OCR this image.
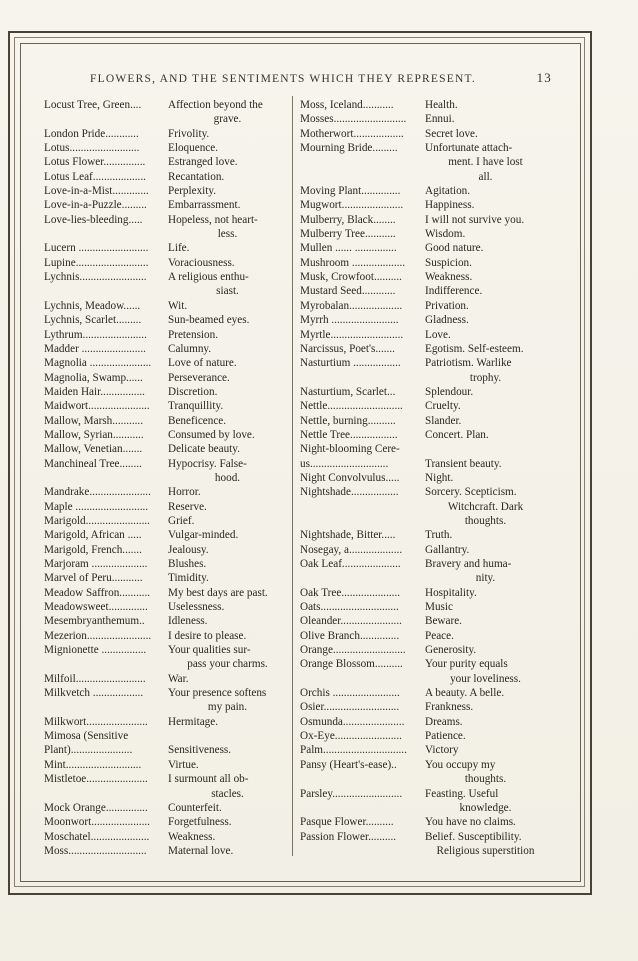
FLOWERS, AND THE SENTIMENTS WHICH THEY REPRESENT.	13
Locust Tree, Green....	Affection beyond the
grave.
London Pride............	Frivolity.
Lotus.........................	Eloquence.
Lotus Flower...............	Estranged love.
Lotus Leaf...................	Recantation.
Love-in-a-Mist.............	Perplexity.
Love-in-a-Puzzle.........	Embarrassment.
Love-lies-bleeding.....	Hopeless, not heart-
less.
Lucern .........................	Life.
Lupine..........................	Voraciousness.
Lychnis........................	A religious enthu-
siast.
Lychnis, Meadow......	Wit.
Lychnis, Scarlet.........	Sun-beamed eyes.
Lythrum.......................	Pretension.
Madder .......................	Calumny.
Magnolia ......................	Love of nature.
Magnolia, Swamp......	Perseverance.
Maiden Hair................	Discretion.
Maidwort......................	Tranquillity.
Mallow, Marsh...........	Beneficence.
Mallow, Syrian...........	Consumed by love.
Mallow, Venetian.......	Delicate beauty.
Manchineal Tree........	Hypocrisy. False-
hood.
Mandrake......................	Horror.
Maple ..........................	Reserve.
Marigold.......................	Grief.
Marigold, African .....	Vulgar-minded.
Marigold, French.......	Jealousy.
Marjoram ....................	Blushes.
Marvel of Peru...........	Timidity.
Meadow Saffron...........	My best days are past.
Meadowsweet..............	Uselessness.
Mesembryanthemum..	Idleness.
Mezerion.......................	I desire to please.
Mignionette ................	Your qualities sur-
pass your charms.
Milfoil.........................	War.
Milkvetch ..................	Your presence softens
my pain.
Milkwort......................	Hermitage.
Mimosa (Sensitive
Plant)......................	Sensitiveness.
Mint...........................	Virtue.
Mistletoe......................	I surmount all ob-
stacles.
Mock Orange...............	Counterfeit.
Moonwort.....................	Forgetfulness.
Moschatel.....................	Weakness.
Moss............................	Maternal love.
Moss, Iceland...........	Health.
Mosses..........................	Ennui.
Motherwort..................	Secret love.
Mourning Bride.........	Unfortunate attach-
ment. I have lost
all.
Moving Plant..............	Agitation.
Mugwort......................	Happiness.
Mulberry, Black........	I will not survive you.
Mulberry Tree...........	Wisdom.
Mullen ...... ...............	Good nature.
Mushroom ...................	Suspicion.
Musk, Crowfoot..........	Weakness.
Mustard Seed............	Indifference.
Myrobalan...................	Privation.
Myrrh ........................	Gladness.
Myrtle..........................	Love.
Narcissus, Poet's.......	Egotism. Self-esteem.
Nasturtium .................	Patriotism. Warlike
trophy.
Nasturtium, Scarlet...	Splendour.
Nettle...........................	Cruelty.
Nettle, burning..........	Slander.
Nettle Tree.................	Concert. Plan.
Night-blooming Cere-
us............................	Transient beauty.
Night Convolvulus.....	Night.
Nightshade.................	Sorcery. Scepticism.
Witchcraft. Dark
thoughts.
Nightshade, Bitter.....	Truth.
Nosegay, a...................	Gallantry.
Oak Leaf.....................	Bravery and huma-
nity.
Oak Tree.....................	Hospitality.
Oats............................	Music
Oleander......................	Beware.
Olive Branch..............	Peace.
Orange..........................	Generosity.
Orange Blossom..........	Your purity equals
your loveliness.
Orchis ........................	A beauty. A belle.
Osier...........................	Frankness.
Osmunda......................	Dreams.
Ox-Eye........................	Patience.
Palm..............................	Victory
Pansy (Heart's-ease)..	You occupy my
thoughts.
Parsley.........................	Feasting. Useful
knowledge.
Pasque Flower..........	You have no claims.
Passion Flower..........	Belief. Susceptibility.
Religious superstition
